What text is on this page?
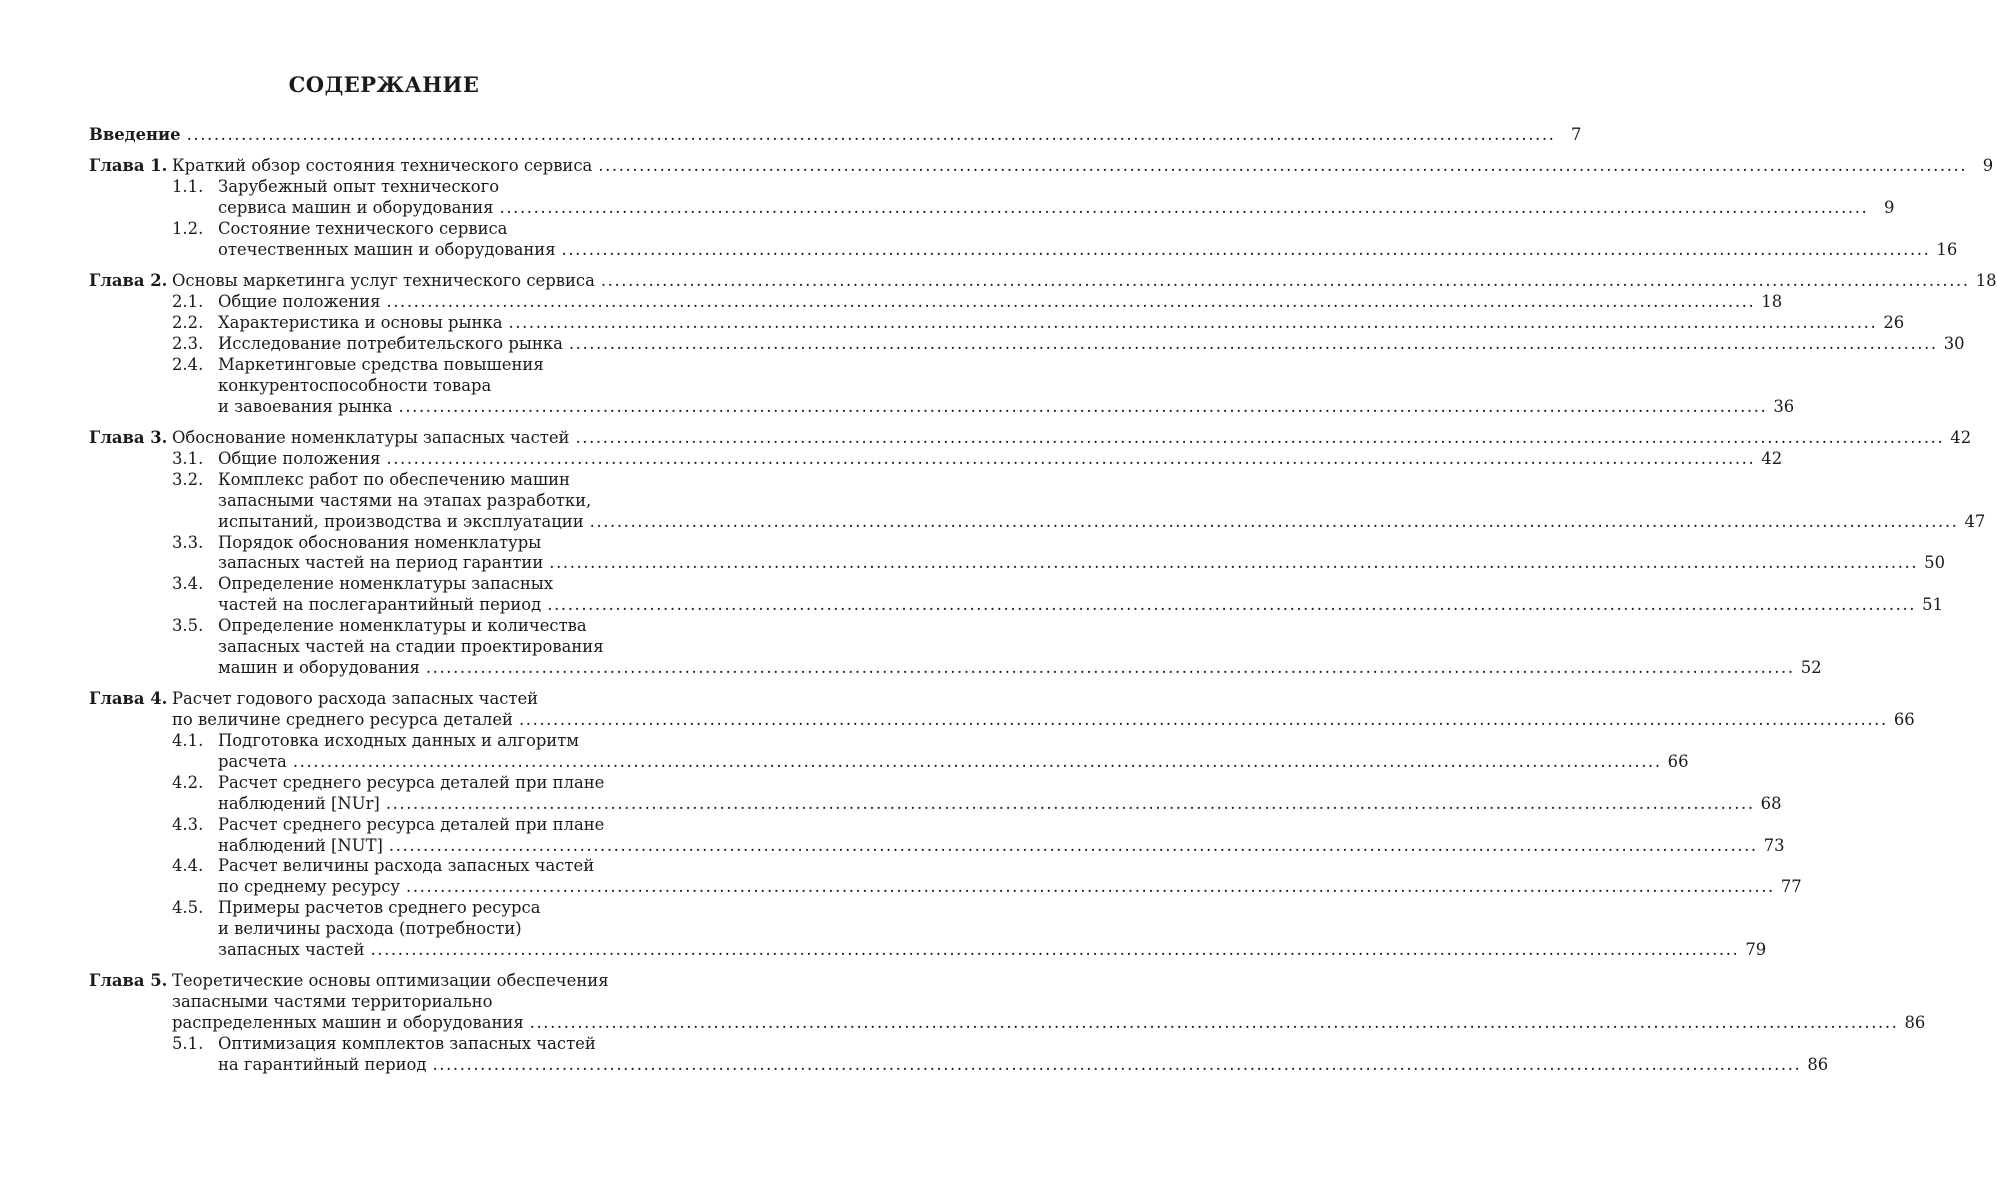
СОДЕРЖАНИЕ
Введение .....	7
Глава 1. Краткий обзор состояния технического сервиса .....	9
1.1. Зарубежный опыт технического
сервиса машин и оборудования .....	9
1.2. Состояние технического сервиса
отечественных машин и оборудования .....	16
Глава 2. Основы маркетинга услуг технического сервиса .....	18
2.1. Общие положения .....	18
2.2. Характеристика и основы рынка .....	26
2.3. Исследование потребительского рынка .....	30
2.4. Маркетинговые средства повышения
конкурентоспособности товара
и завоевания рынка .....	36
Глава 3. Обоснование номенклатуры запасных частей .....	42
3.1. Общие положения .....	42
3.2. Комплекс работ по обеспечению машин
запасными частями на этапах разработки,
испытаний, производства и эксплуатации .....	47
3.3. Порядок обоснования номенклатуры
запасных частей на период гарантии .....	50
3.4. Определение номенклатуры запасных
частей на послегарантийный период .....	51
3.5. Определение номенклатуры и количества
запасных частей на стадии проектирования
машин и оборудования .....	52
Глава 4. Расчет годового расхода запасных частей
по величине среднего ресурса деталей .....	66
4.1. Подготовка исходных данных и алгоритм
расчета .....	66
4.2. Расчет среднего ресурса деталей при плане
наблюдений [NUr] .....	68
4.3. Расчет среднего ресурса деталей при плане
наблюдений [NUT] .....	73
4.4. Расчет величины расхода запасных частей
по среднему ресурсу .....	77
4.5. Примеры расчетов среднего ресурса
и величины расхода (потребности)
запасных частей .....	79
Глава 5. Теоретические основы оптимизации обеспечения
запасными частями территориально
распределенных машин и оборудования .....	86
5.1. Оптимизация комплектов запасных частей
на гарантийный период .....	86
